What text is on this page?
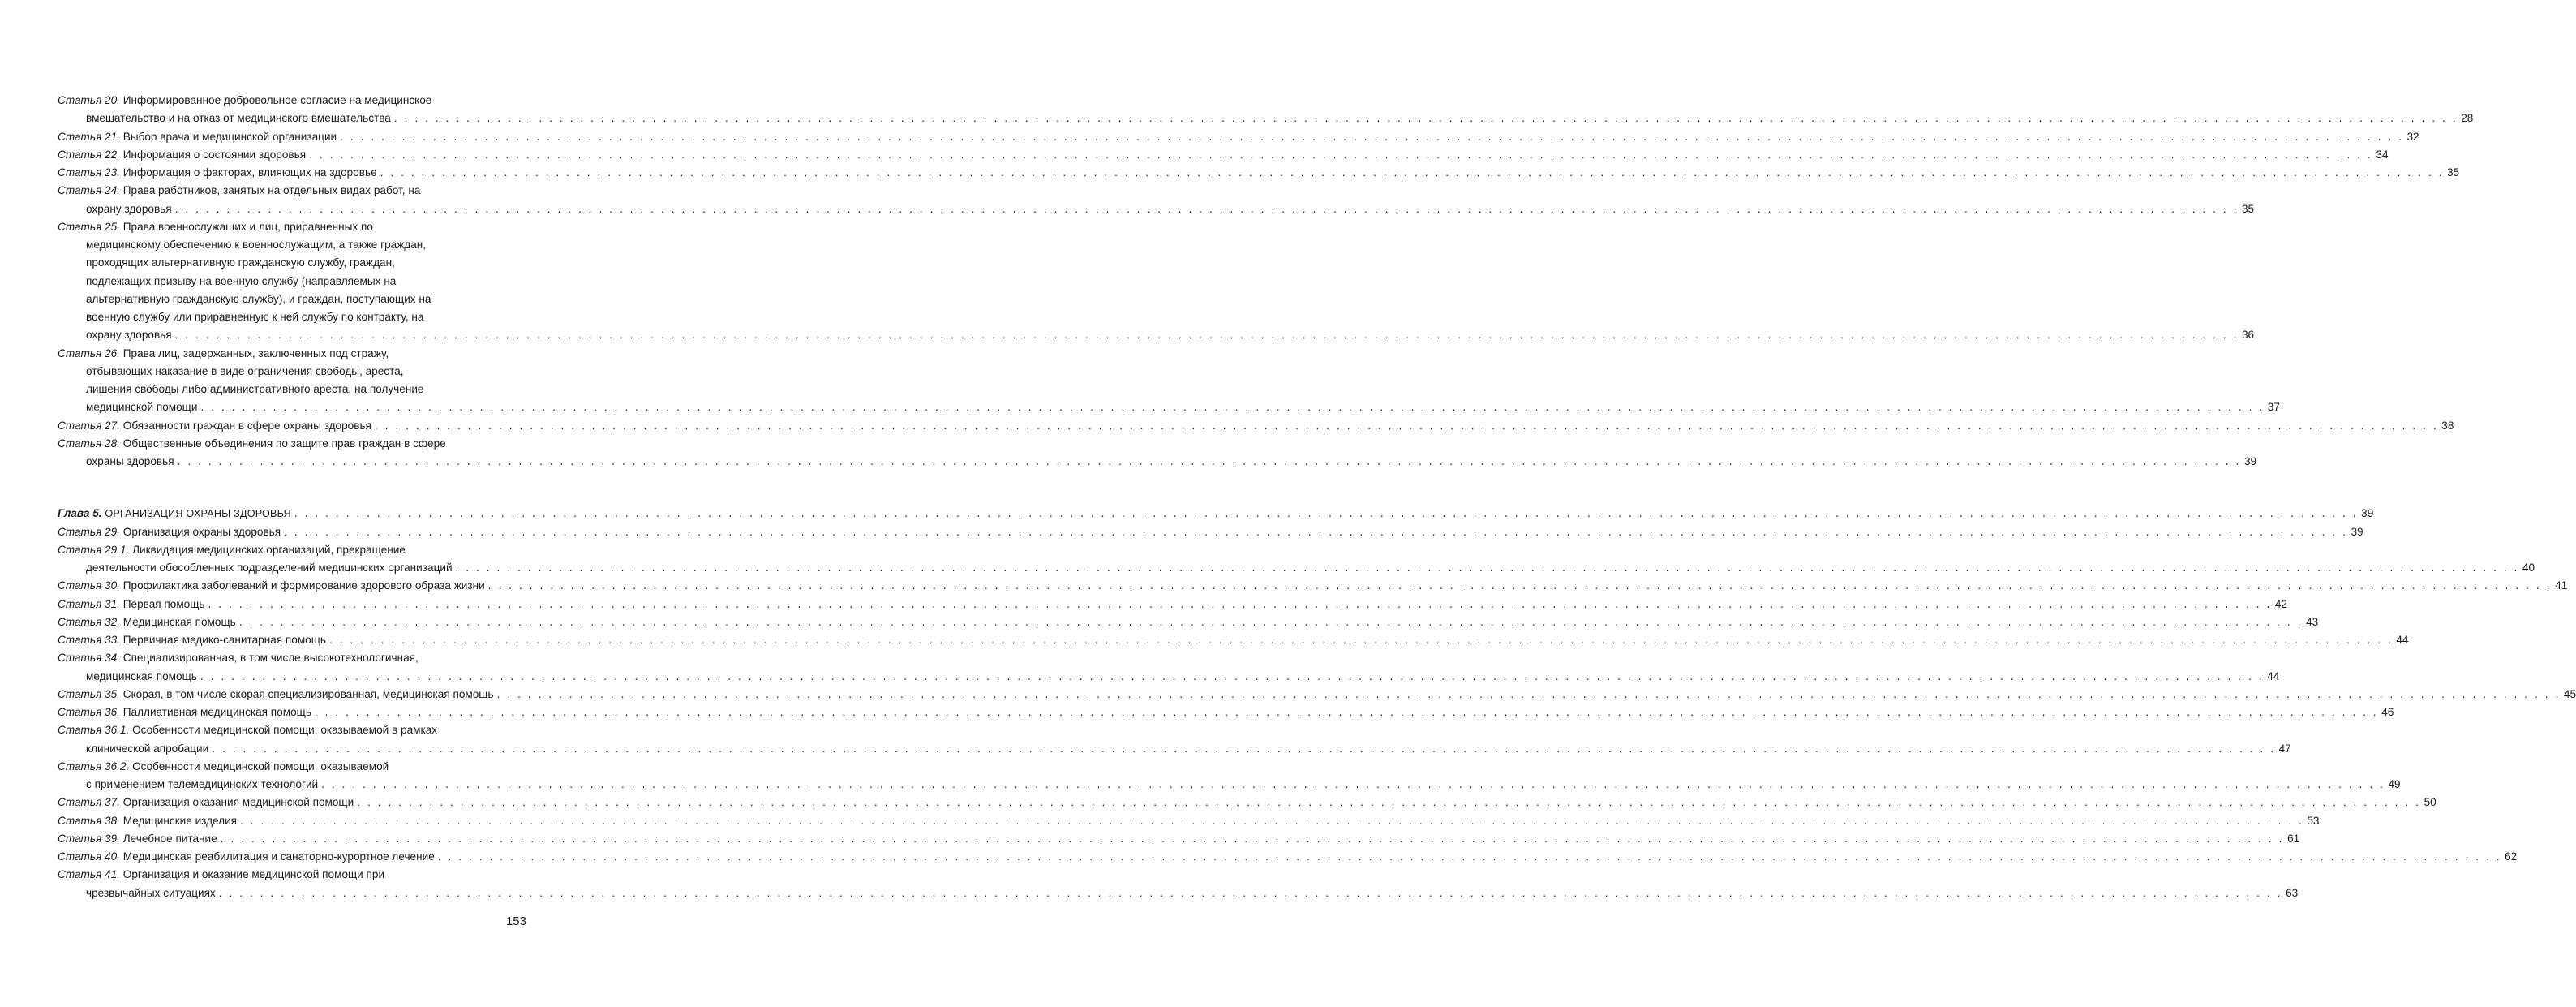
Статья 20. Информированное добровольное согласие на медицинское
вмешательство и на отказ от медицинского вмешательства . . . . . . . . . . . . . . . . . . . . . . . . . . . . . . . . . . . . . . . . . . . . . . . . . . . . . . . . . . . . . . . . . . . . . . . . . . . . . . . . . . . . . . . . . . . . . . . . . . . . . . . . . . . . . . . . . . . . . . . . . . . . . . . . . . . . . . . . . . . . . . . . . . . . . . . . . . . . . . . . . . . . . . . . . . . . . . . . . . . . . . . . . . . . . . . . . . . . . . . . 28
Статья 21. Выбор врача и медицинской организации . . . . . . . . . . . . . . . . . . . . . . . . . . . . . . . . . . . . . . . . . . . . . . . . . . . . . . . . . . . . . . . . . . . . . . . . . . . . . . . . . . . . . . . . . . . . . . . . . . . . . . . . . . . . . . . . . . . . . . . . . . . . . . . . . . . . . . . . . . . . . . . . . . . . . . . . . . . . . . . . . . . . . . . . . . . . . . . . . . . . . . . . . . . . . . . . . . . . . . . . 32
Статья 22. Информация о состоянии здоровья . . . . . . . . . . . . . . . . . . . . . . . . . . . . . . . . . . . . . . . . . . . . . . . . . . . . . . . . . . . . . . . . . . . . . . . . . . . . . . . . . . . . . . . . . . . . . . . . . . . . . . . . . . . . . . . . . . . . . . . . . . . . . . . . . . . . . . . . . . . . . . . . . . . . . . . . . . . . . . . . . . . . . . . . . . . . . . . . . . . . . . . . . . . . . . . . . . . . . . . . 34
Статья 23. Информация о факторах, влияющих на здоровье . . . . . . . . . . . . . . . . . . . . . . . . . . . . . . . . . . . . . . . . . . . . . . . . . . . . . . . . . . . . . . . . . . . . . . . . . . . . . . . . . . . . . . . . . . . . . . . . . . . . . . . . . . . . . . . . . . . . . . . . . . . . . . . . . . . . . . . . . . . . . . . . . . . . . . . . . . . . . . . . . . . . . . . . . . . . . . . . . . . . . . . . . . . . . . . . . . . . . . . . 35
Статья 24. Права работников, занятых на отдельных видах работ, на
охрану здоровья . . . . . . . . . . . . . . . . . . . . . . . . . . . . . . . . . . . . . . . . . . . . . . . . . . . . . . . . . . . . . . . . . . . . . . . . . . . . . . . . . . . . . . . . . . . . . . . . . . . . . . . . . . . . . . . . . . . . . . . . . . . . . . . . . . . . . . . . . . . . . . . . . . . . . . . . . . . . . . . . . . . . . . . . . . . . . . . . . . . . . . . . . . . . . . . . . . . . . . . . 35
Статья 25. Права военнослужащих и лиц, приравненных по
медицинскому обеспечению к военнослужащим, а также граждан,
проходящих альтернативную гражданскую службу, граждан,
подлежащих призыву на военную службу (направляемых на
альтернативную гражданскую службу), и граждан, поступающих на
военную службу или приравненную к ней службу по контракту, на
охрану здоровья . . . . . . . . . . . . . . . . . . . . . . . . . . . . . . . . . . . . . . . . . . . . . . . . . . . . . . . . . . . . . . . . . . . . . . . . . . . . . . . . . . . . . . . . . . . . . . . . . . . . . . . . . . . . . . . . . . . . . . . . . . . . . . . . . . . . . . . . . . . . . . . . . . . . . . . . . . . . . . . . . . . . . . . . . . . . . . . . . . . . . . . . . . . . . . . . . . . . . . . . 36
Статья 26. Права лиц, задержанных, заключенных под стражу,
отбывающих наказание в виде ограничения свободы, ареста,
лишения свободы либо административного ареста, на получение
медицинской помощи . . . . . . . . . . . . . . . . . . . . . . . . . . . . . . . . . . . . . . . . . . . . . . . . . . . . . . . . . . . . . . . . . . . . . . . . . . . . . . . . . . . . . . . . . . . . . . . . . . . . . . . . . . . . . . . . . . . . . . . . . . . . . . . . . . . . . . . . . . . . . . . . . . . . . . . . . . . . . . . . . . . . . . . . . . . . . . . . . . . . . . . . . . . . . . . . . . . . . . . . 37
Статья 27. Обязанности граждан в сфере охраны здоровья . . . . . . . . . . . . . . . . . . . . . . . . . . . . . . . . . . . . . . . . . . . . . . . . . . . . . . . . . . . . . . . . . . . . . . . . . . . . . . . . . . . . . . . . . . . . . . . . . . . . . . . . . . . . . . . . . . . . . . . . . . . . . . . . . . . . . . . . . . . . . . . . . . . . . . . . . . . . . . . . . . . . . . . . . . . . . . . . . . . . . . . . . . . . . . . . . . . . . . . . 38
Статья 28. Общественные объединения по защите прав граждан в сфере
охраны здоровья . . . . . . . . . . . . . . . . . . . . . . . . . . . . . . . . . . . . . . . . . . . . . . . . . . . . . . . . . . . . . . . . . . . . . . . . . . . . . . . . . . . . . . . . . . . . . . . . . . . . . . . . . . . . . . . . . . . . . . . . . . . . . . . . . . . . . . . . . . . . . . . . . . . . . . . . . . . . . . . . . . . . . . . . . . . . . . . . . . . . . . . . . . . . . . . . . . . . . . . . 39
Глава 5. ОРГАНИЗАЦИЯ ОХРАНЫ ЗДОРОВЬЯ . . . . . . . . . . . . . . . . . . . . . . . . . . . . . . . . . . . . . . . . . . . . . . . . . . . . . . . . . . . . . . . . . . . . . . . . . . . . . . . . . . . . . . . . . . . . . . . . . . . . . . . . . . . . . . . . . . . . . . . . . . . . . . . . . . . . . . . . . . . . . . . . . . . . . . . . . . . . . . . . . . . . . . . . . . . . . . . . . . . . . . . . . . . . . . . . . . . . . . . . 39
Статья 29. Организация охраны здоровья . . . . . . . . . . . . . . . . . . . . . . . . . . . . . . . . . . . . . . . . . . . . . . . . . . . . . . . . . . . . . . . . . . . . . . . . . . . . . . . . . . . . . . . . . . . . . . . . . . . . . . . . . . . . . . . . . . . . . . . . . . . . . . . . . . . . . . . . . . . . . . . . . . . . . . . . . . . . . . . . . . . . . . . . . . . . . . . . . . . . . . . . . . . . . . . . . . . . . . . . 39
Статья 29.1. Ликвидация медицинских организаций, прекращение
деятельности обособленных подразделений медицинских организаций . . . . . . . . . . . . . . . . . . . . . . . . . . . . . . . . . . . . . . . . . . . . . . . . . . . . . . . . . . . . . . . . . . . . . . . . . . . . . . . . . . . . . . . . . . . . . . . . . . . . . . . . . . . . . . . . . . . . . . . . . . . . . . . . . . . . . . . . . . . . . . . . . . . . . . . . . . . . . . . . . . . . . . . . . . . . . . . . . . . . . . . . . . . . . . . . . . . . . . . . 40
Статья 30. Профилактика заболеваний и формирование здорового образа жизни . . . . . . . . . . . . . . . . . . . . . . . . . . . . . . . . . . . . . . . . . . . . . . . . . . . . . . . . . . . . . . . . . . . . . . . . . . . . . . . . . . . . . . . . . . . . . . . . . . . . . . . . . . . . . . . . . . . . . . . . . . . . . . . . . . . . . . . . . . . . . . . . . . . . . . . . . . . . . . . . . . . . . . . . . . . . . . . . . . . . . . . . . . . . . . . . . . . . . . . . 41
Статья 31. Первая помощь . . . . . . . . . . . . . . . . . . . . . . . . . . . . . . . . . . . . . . . . . . . . . . . . . . . . . . . . . . . . . . . . . . . . . . . . . . . . . . . . . . . . . . . . . . . . . . . . . . . . . . . . . . . . . . . . . . . . . . . . . . . . . . . . . . . . . . . . . . . . . . . . . . . . . . . . . . . . . . . . . . . . . . . . . . . . . . . . . . . . . . . . . . . . . . . . . . . . . . . . 42
Статья 32. Медицинская помощь . . . . . . . . . . . . . . . . . . . . . . . . . . . . . . . . . . . . . . . . . . . . . . . . . . . . . . . . . . . . . . . . . . . . . . . . . . . . . . . . . . . . . . . . . . . . . . . . . . . . . . . . . . . . . . . . . . . . . . . . . . . . . . . . . . . . . . . . . . . . . . . . . . . . . . . . . . . . . . . . . . . . . . . . . . . . . . . . . . . . . . . . . . . . . . . . . . . . . . . . 43
Статья 33. Первичная медико-санитарная помощь . . . . . . . . . . . . . . . . . . . . . . . . . . . . . . . . . . . . . . . . . . . . . . . . . . . . . . . . . . . . . . . . . . . . . . . . . . . . . . . . . . . . . . . . . . . . . . . . . . . . . . . . . . . . . . . . . . . . . . . . . . . . . . . . . . . . . . . . . . . . . . . . . . . . . . . . . . . . . . . . . . . . . . . . . . . . . . . . . . . . . . . . . . . . . . . . . . . . . . . . 44
Статья 34. Специализированная, в том числе высокотехнологичная,
медицинская помощь . . . . . . . . . . . . . . . . . . . . . . . . . . . . . . . . . . . . . . . . . . . . . . . . . . . . . . . . . . . . . . . . . . . . . . . . . . . . . . . . . . . . . . . . . . . . . . . . . . . . . . . . . . . . . . . . . . . . . . . . . . . . . . . . . . . . . . . . . . . . . . . . . . . . . . . . . . . . . . . . . . . . . . . . . . . . . . . . . . . . . . . . . . . . . . . . . . . . . . . . 44
Статья 35. Скорая, в том числе скорая специализированная, медицинская помощь . . . . . . . . . . . . . . . . . . . . . . . . . . . . . . . . . . . . . . . . . . . . . . . . . . . . . . . . . . . . . . . . . . . . . . . . . . . . . . . . . . . . . . . . . . . . . . . . . . . . . . . . . . . . . . . . . . . . . . . . . . . . . . . . . . . . . . . . . . . . . . . . . . . . . . . . . . . . . . . . . . . . . . . . . . . . . . . . . . . . . . . . . . . . . . . . . . . . . . . . 45
Статья 36. Паллиативная медицинская помощь . . . . . . . . . . . . . . . . . . . . . . . . . . . . . . . . . . . . . . . . . . . . . . . . . . . . . . . . . . . . . . . . . . . . . . . . . . . . . . . . . . . . . . . . . . . . . . . . . . . . . . . . . . . . . . . . . . . . . . . . . . . . . . . . . . . . . . . . . . . . . . . . . . . . . . . . . . . . . . . . . . . . . . . . . . . . . . . . . . . . . . . . . . . . . . . . . . . . . . . . 46
Статья 36.1. Особенности медицинской помощи, оказываемой в рамках
клинической апробации . . . . . . . . . . . . . . . . . . . . . . . . . . . . . . . . . . . . . . . . . . . . . . . . . . . . . . . . . . . . . . . . . . . . . . . . . . . . . . . . . . . . . . . . . . . . . . . . . . . . . . . . . . . . . . . . . . . . . . . . . . . . . . . . . . . . . . . . . . . . . . . . . . . . . . . . . . . . . . . . . . . . . . . . . . . . . . . . . . . . . . . . . . . . . . . . . . . . . . . . 47
Статья 36.2. Особенности медицинской помощи, оказываемой
с применением телемедицинских технологий . . . . . . . . . . . . . . . . . . . . . . . . . . . . . . . . . . . . . . . . . . . . . . . . . . . . . . . . . . . . . . . . . . . . . . . . . . . . . . . . . . . . . . . . . . . . . . . . . . . . . . . . . . . . . . . . . . . . . . . . . . . . . . . . . . . . . . . . . . . . . . . . . . . . . . . . . . . . . . . . . . . . . . . . . . . . . . . . . . . . . . . . . . . . . . . . . . . . . . . . 49
Статья 37. Организация оказания медицинской помощи . . . . . . . . . . . . . . . . . . . . . . . . . . . . . . . . . . . . . . . . . . . . . . . . . . . . . . . . . . . . . . . . . . . . . . . . . . . . . . . . . . . . . . . . . . . . . . . . . . . . . . . . . . . . . . . . . . . . . . . . . . . . . . . . . . . . . . . . . . . . . . . . . . . . . . . . . . . . . . . . . . . . . . . . . . . . . . . . . . . . . . . . . . . . . . . . . . . . . . . . 50
Статья 38. Медицинские изделия . . . . . . . . . . . . . . . . . . . . . . . . . . . . . . . . . . . . . . . . . . . . . . . . . . . . . . . . . . . . . . . . . . . . . . . . . . . . . . . . . . . . . . . . . . . . . . . . . . . . . . . . . . . . . . . . . . . . . . . . . . . . . . . . . . . . . . . . . . . . . . . . . . . . . . . . . . . . . . . . . . . . . . . . . . . . . . . . . . . . . . . . . . . . . . . . . . . . . . . . 53
Статья 39. Лечебное питание . . . . . . . . . . . . . . . . . . . . . . . . . . . . . . . . . . . . . . . . . . . . . . . . . . . . . . . . . . . . . . . . . . . . . . . . . . . . . . . . . . . . . . . . . . . . . . . . . . . . . . . . . . . . . . . . . . . . . . . . . . . . . . . . . . . . . . . . . . . . . . . . . . . . . . . . . . . . . . . . . . . . . . . . . . . . . . . . . . . . . . . . . . . . . . . . . . . . . . . . 61
Статья 40. Медицинская реабилитация и санаторно-курортное лечение . . . . . . . . . . . . . . . . . . . . . . . . . . . . . . . . . . . . . . . . . . . . . . . . . . . . . . . . . . . . . . . . . . . . . . . . . . . . . . . . . . . . . . . . . . . . . . . . . . . . . . . . . . . . . . . . . . . . . . . . . . . . . . . . . . . . . . . . . . . . . . . . . . . . . . . . . . . . . . . . . . . . . . . . . . . . . . . . . . . . . . . . . . . . . . . . . . . . . . . . 62
Статья 41. Организация и оказание медицинской помощи при
чрезвычайных ситуациях . . . . . . . . . . . . . . . . . . . . . . . . . . . . . . . . . . . . . . . . . . . . . . . . . . . . . . . . . . . . . . . . . . . . . . . . . . . . . . . . . . . . . . . . . . . . . . . . . . . . . . . . . . . . . . . . . . . . . . . . . . . . . . . . . . . . . . . . . . . . . . . . . . . . . . . . . . . . . . . . . . . . . . . . . . . . . . . . . . . . . . . . . . . . . . . . . . . . . . . . 63
153
